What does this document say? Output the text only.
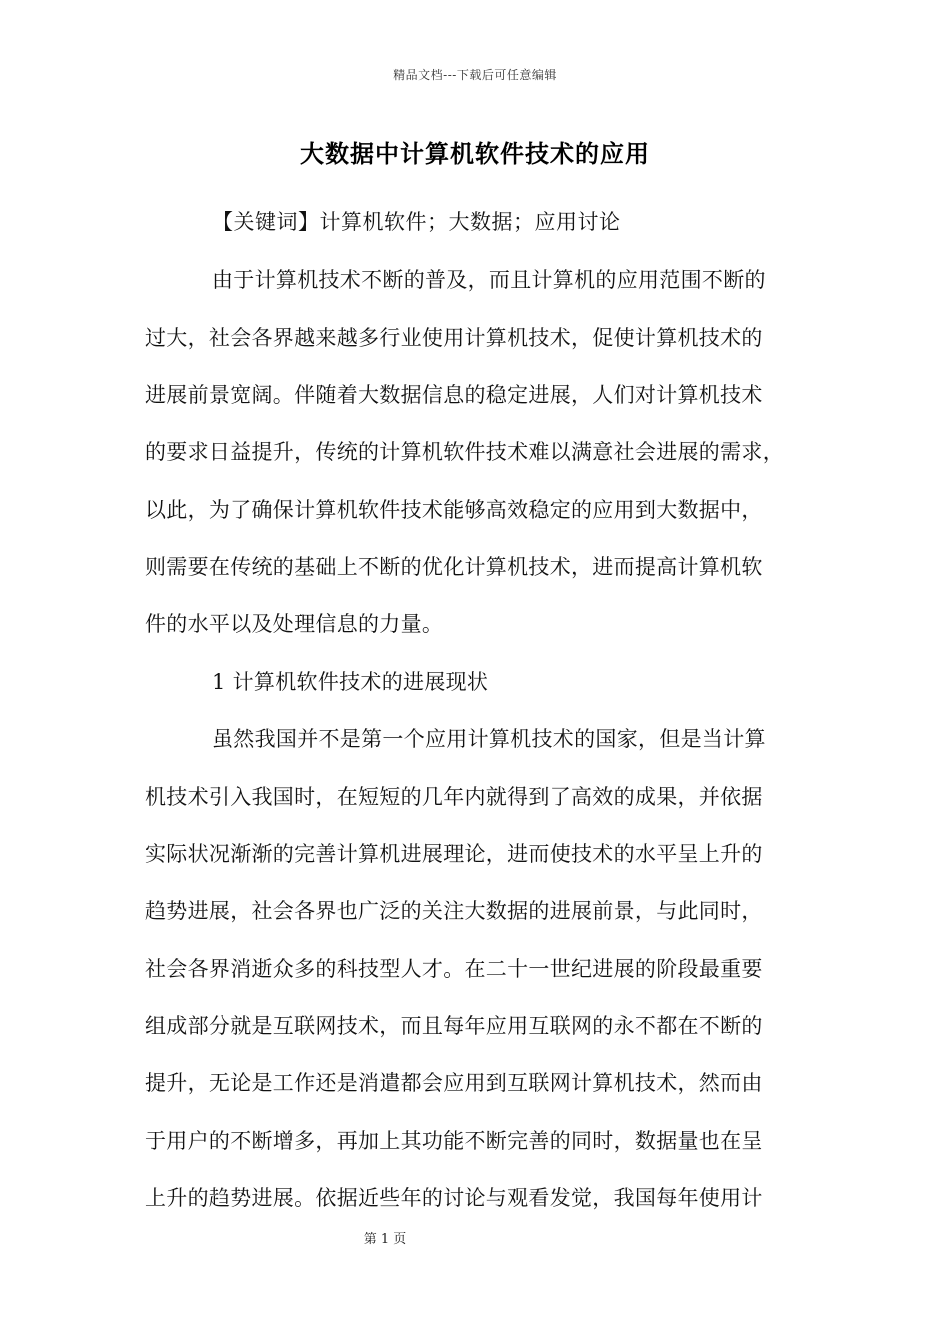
精品文档---下载后可任意编辑
大数据中计算机软件技术的应用
【关键词】计算机软件；大数据；应用讨论
由于计算机技术不断的普及，而且计算机的应用范围不断的
过大，社会各界越来越多行业使用计算机技术，促使计算机技术的
进展前景宽阔。伴随着大数据信息的稳定进展，人们对计算机技术
的要求日益提升，传统的计算机软件技术难以满意社会进展的需求，
以此，为了确保计算机软件技术能够高效稳定的应用到大数据中，
则需要在传统的基础上不断的优化计算机技术，进而提高计算机软
件的水平以及处理信息的力量。
1 计算机软件技术的进展现状
虽然我国并不是第一个应用计算机技术的国家，但是当计算
机技术引入我国时，在短短的几年内就得到了高效的成果，并依据
实际状况渐渐的完善计算机进展理论，进而使技术的水平呈上升的
趋势进展，社会各界也广泛的关注大数据的进展前景，与此同时，
社会各界消逝众多的科技型人才。在二十一世纪进展的阶段最重要
组成部分就是互联网技术，而且每年应用互联网的永不都在不断的
提升，无论是工作还是消遣都会应用到互联网计算机技术，然而由
于用户的不断增多，再加上其功能不断完善的同时，数据量也在呈
上升的趋势进展。依据近些年的讨论与观看发觉，我国每年使用计
第 1 页
